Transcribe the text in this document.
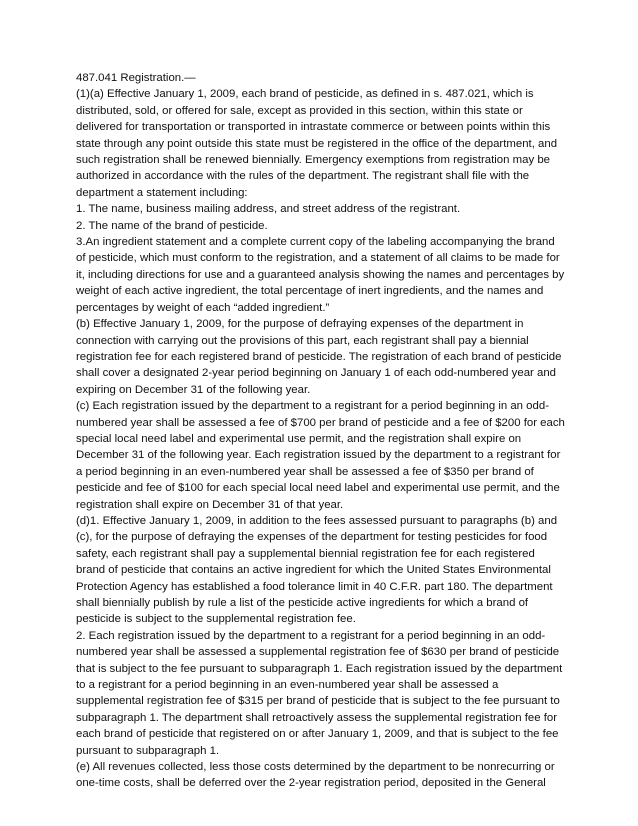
487.041 Registration.—

(1)(a) Effective January 1, 2009, each brand of pesticide, as defined in s. 487.021, which is distributed, sold, or offered for sale, except as provided in this section, within this state or delivered for transportation or transported in intrastate commerce or between points within this state through any point outside this state must be registered in the office of the department, and such registration shall be renewed biennially. Emergency exemptions from registration may be authorized in accordance with the rules of the department. The registrant shall file with the department a statement including:

1. The name, business mailing address, and street address of the registrant.

2. The name of the brand of pesticide.

3.An ingredient statement and a complete current copy of the labeling accompanying the brand of pesticide, which must conform to the registration, and a statement of all claims to be made for it, including directions for use and a guaranteed analysis showing the names and percentages by weight of each active ingredient, the total percentage of inert ingredients, and the names and percentages by weight of each “added ingredient.”

(b) Effective January 1, 2009, for the purpose of defraying expenses of the department in connection with carrying out the provisions of this part, each registrant shall pay a biennial registration fee for each registered brand of pesticide. The registration of each brand of pesticide shall cover a designated 2-year period beginning on January 1 of each odd-numbered year and expiring on December 31 of the following year.

(c) Each registration issued by the department to a registrant for a period beginning in an odd-numbered year shall be assessed a fee of $700 per brand of pesticide and a fee of $200 for each special local need label and experimental use permit, and the registration shall expire on December 31 of the following year. Each registration issued by the department to a registrant for a period beginning in an even-numbered year shall be assessed a fee of $350 per brand of pesticide and fee of $100 for each special local need label and experimental use permit, and the registration shall expire on December 31 of that year.

(d)1. Effective January 1, 2009, in addition to the fees assessed pursuant to paragraphs (b) and (c), for the purpose of defraying the expenses of the department for testing pesticides for food safety, each registrant shall pay a supplemental biennial registration fee for each registered brand of pesticide that contains an active ingredient for which the United States Environmental Protection Agency has established a food tolerance limit in 40 C.F.R. part 180. The department shall biennially publish by rule a list of the pesticide active ingredients for which a brand of pesticide is subject to the supplemental registration fee.

2. Each registration issued by the department to a registrant for a period beginning in an odd-numbered year shall be assessed a supplemental registration fee of $630 per brand of pesticide that is subject to the fee pursuant to subparagraph 1. Each registration issued by the department to a registrant for a period beginning in an even-numbered year shall be assessed a supplemental registration fee of $315 per brand of pesticide that is subject to the fee pursuant to subparagraph 1. The department shall retroactively assess the supplemental registration fee for each brand of pesticide that registered on or after January 1, 2009, and that is subject to the fee pursuant to subparagraph 1.

(e) All revenues collected, less those costs determined by the department to be nonrecurring or one-time costs, shall be deferred over the 2-year registration period, deposited in the General
